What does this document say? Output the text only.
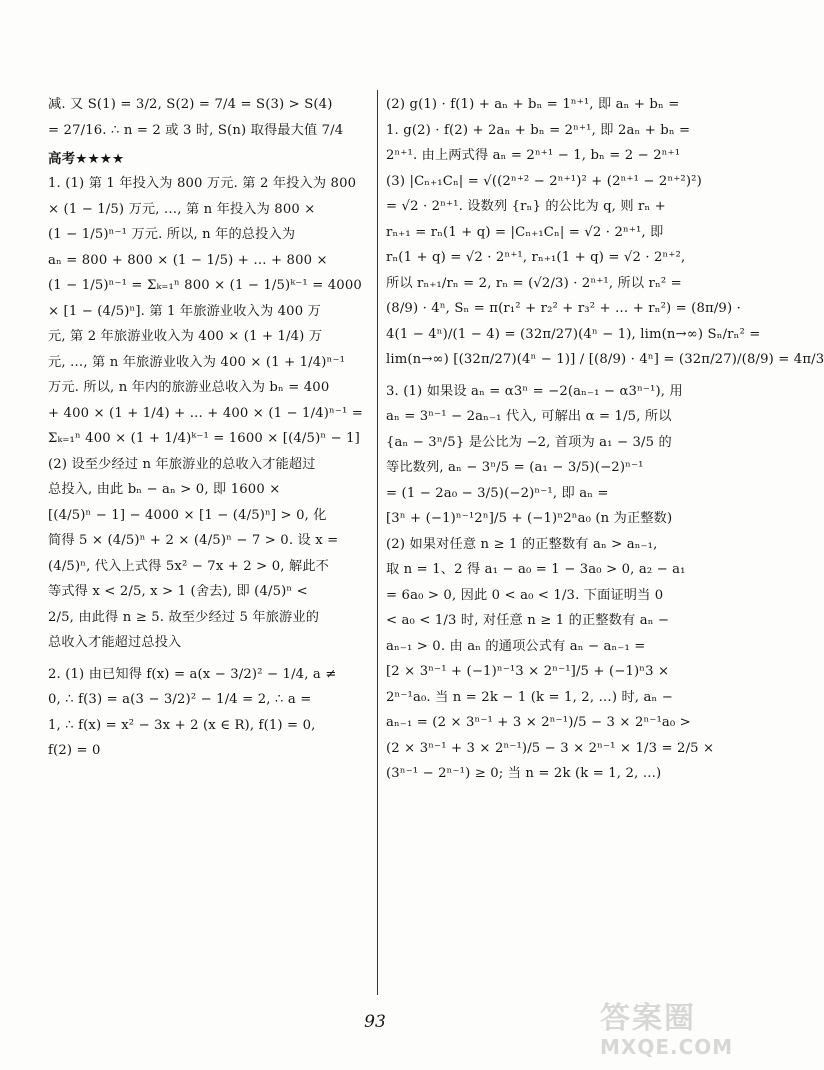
减. 又 S(1) = 3/2, S(2) = 7/4 = S(3) > S(4)
= 27/16. ∴ n = 2 或 3 时, S(n) 取得最大值 7/4
高考★★★★
1. (1) 第 1 年投入为 800 万元. 第 2 年投入为 800
× (1 − 1/5) 万元, …, 第 n 年投入为 800 ×
(1 − 1/5)ⁿ⁻¹ 万元. 所以, n 年的总投入为
aₙ = 800 + 800 × (1 − 1/5) + … + 800 ×
(1 − 1/5)ⁿ⁻¹ = Σₖ₌₁ⁿ 800 × (1 − 1/5)ᵏ⁻¹ = 4000
× [1 − (4/5)ⁿ]. 第 1 年旅游业收入为 400 万
元, 第 2 年旅游业收入为 400 × (1 + 1/4) 万
元, …, 第 n 年旅游业收入为 400 × (1 + 1/4)ⁿ⁻¹
万元. 所以, n 年内的旅游业总收入为 bₙ = 400
+ 400 × (1 + 1/4) + … + 400 × (1 − 1/4)ⁿ⁻¹ =
Σₖ₌₁ⁿ 400 × (1 + 1/4)ᵏ⁻¹ = 1600 × [(4/5)ⁿ − 1]
(2) 设至少经过 n 年旅游业的总收入才能超过
总投入, 由此 bₙ − aₙ > 0, 即 1600 ×
[(4/5)ⁿ − 1] − 4000 × [1 − (4/5)ⁿ] > 0, 化
简得 5 × (4/5)ⁿ + 2 × (4/5)ⁿ − 7 > 0. 设 x =
(4/5)ⁿ, 代入上式得 5x² − 7x + 2 > 0, 解此不
等式得 x < 2/5, x > 1 (舍去), 即 (4/5)ⁿ <
2/5, 由此得 n ≥ 5. 故至少经过 5 年旅游业的
总收入才能超过总投入
2. (1) 由已知得 f(x) = a(x − 3/2)² − 1/4, a ≠
0, ∴ f(3) = a(3 − 3/2)² − 1/4 = 2, ∴ a =
1, ∴ f(x) = x² − 3x + 2 (x ∈ R), f(1) = 0,
f(2) = 0
(2) g(1) · f(1) + aₙ + bₙ = 1ⁿ⁺¹, 即 aₙ + bₙ =
1. g(2) · f(2) + 2aₙ + bₙ = 2ⁿ⁺¹, 即 2aₙ + bₙ =
2ⁿ⁺¹. 由上两式得 aₙ = 2ⁿ⁺¹ − 1, bₙ = 2 − 2ⁿ⁺¹
(3) |Cₙ₊₁Cₙ| = √((2ⁿ⁺² − 2ⁿ⁺¹)² + (2ⁿ⁺¹ − 2ⁿ⁺²)²)
= √2 · 2ⁿ⁺¹. 设数列 {rₙ} 的公比为 q, 则 rₙ +
rₙ₊₁ = rₙ(1 + q) = |Cₙ₊₁Cₙ| = √2 · 2ⁿ⁺¹, 即
rₙ(1 + q) = √2 · 2ⁿ⁺¹, rₙ₊₁(1 + q) = √2 · 2ⁿ⁺²,
所以 rₙ₊₁/rₙ = 2, rₙ = (√2/3) · 2ⁿ⁺¹, 所以 rₙ² =
(8/9) · 4ⁿ, Sₙ = π(r₁² + r₂² + r₃² + … + rₙ²) = (8π/9) ·
4(1 − 4ⁿ)/(1 − 4) = (32π/27)(4ⁿ − 1), lim(n→∞) Sₙ/rₙ² =
lim(n→∞) [(32π/27)(4ⁿ − 1)] / [(8/9) · 4ⁿ] = (32π/27)/(8/9) = 4π/3
3. (1) 如果设 aₙ = α3ⁿ = −2(aₙ₋₁ − α3ⁿ⁻¹), 用
aₙ = 3ⁿ⁻¹ − 2aₙ₋₁ 代入, 可解出 α = 1/5, 所以
{aₙ − 3ⁿ/5} 是公比为 −2, 首项为 a₁ − 3/5 的
等比数列, aₙ − 3ⁿ/5 = (a₁ − 3/5)(−2)ⁿ⁻¹
= (1 − 2a₀ − 3/5)(−2)ⁿ⁻¹, 即 aₙ =
[3ⁿ + (−1)ⁿ⁻¹2ⁿ]/5 + (−1)ⁿ2ⁿa₀ (n 为正整数)
(2) 如果对任意 n ≥ 1 的正整数有 aₙ > aₙ₋₁,
取 n = 1、2 得 a₁ − a₀ = 1 − 3a₀ > 0, a₂ − a₁
= 6a₀ > 0, 因此 0 < a₀ < 1/3. 下面证明当 0
< a₀ < 1/3 时, 对任意 n ≥ 1 的正整数有 aₙ −
aₙ₋₁ > 0. 由 aₙ 的通项公式有 aₙ − aₙ₋₁ =
[2 × 3ⁿ⁻¹ + (−1)ⁿ⁻¹3 × 2ⁿ⁻¹]/5 + (−1)ⁿ3 ×
2ⁿ⁻¹a₀. 当 n = 2k − 1 (k = 1, 2, …) 时, aₙ −
aₙ₋₁ = (2 × 3ⁿ⁻¹ + 3 × 2ⁿ⁻¹)/5 − 3 × 2ⁿ⁻¹a₀ >
(2 × 3ⁿ⁻¹ + 3 × 2ⁿ⁻¹)/5 − 3 × 2ⁿ⁻¹ × 1/3 = 2/5 ×
(3ⁿ⁻¹ − 2ⁿ⁻¹) ≥ 0; 当 n = 2k (k = 1, 2, …)
93	答案圈
MXQE.COM
